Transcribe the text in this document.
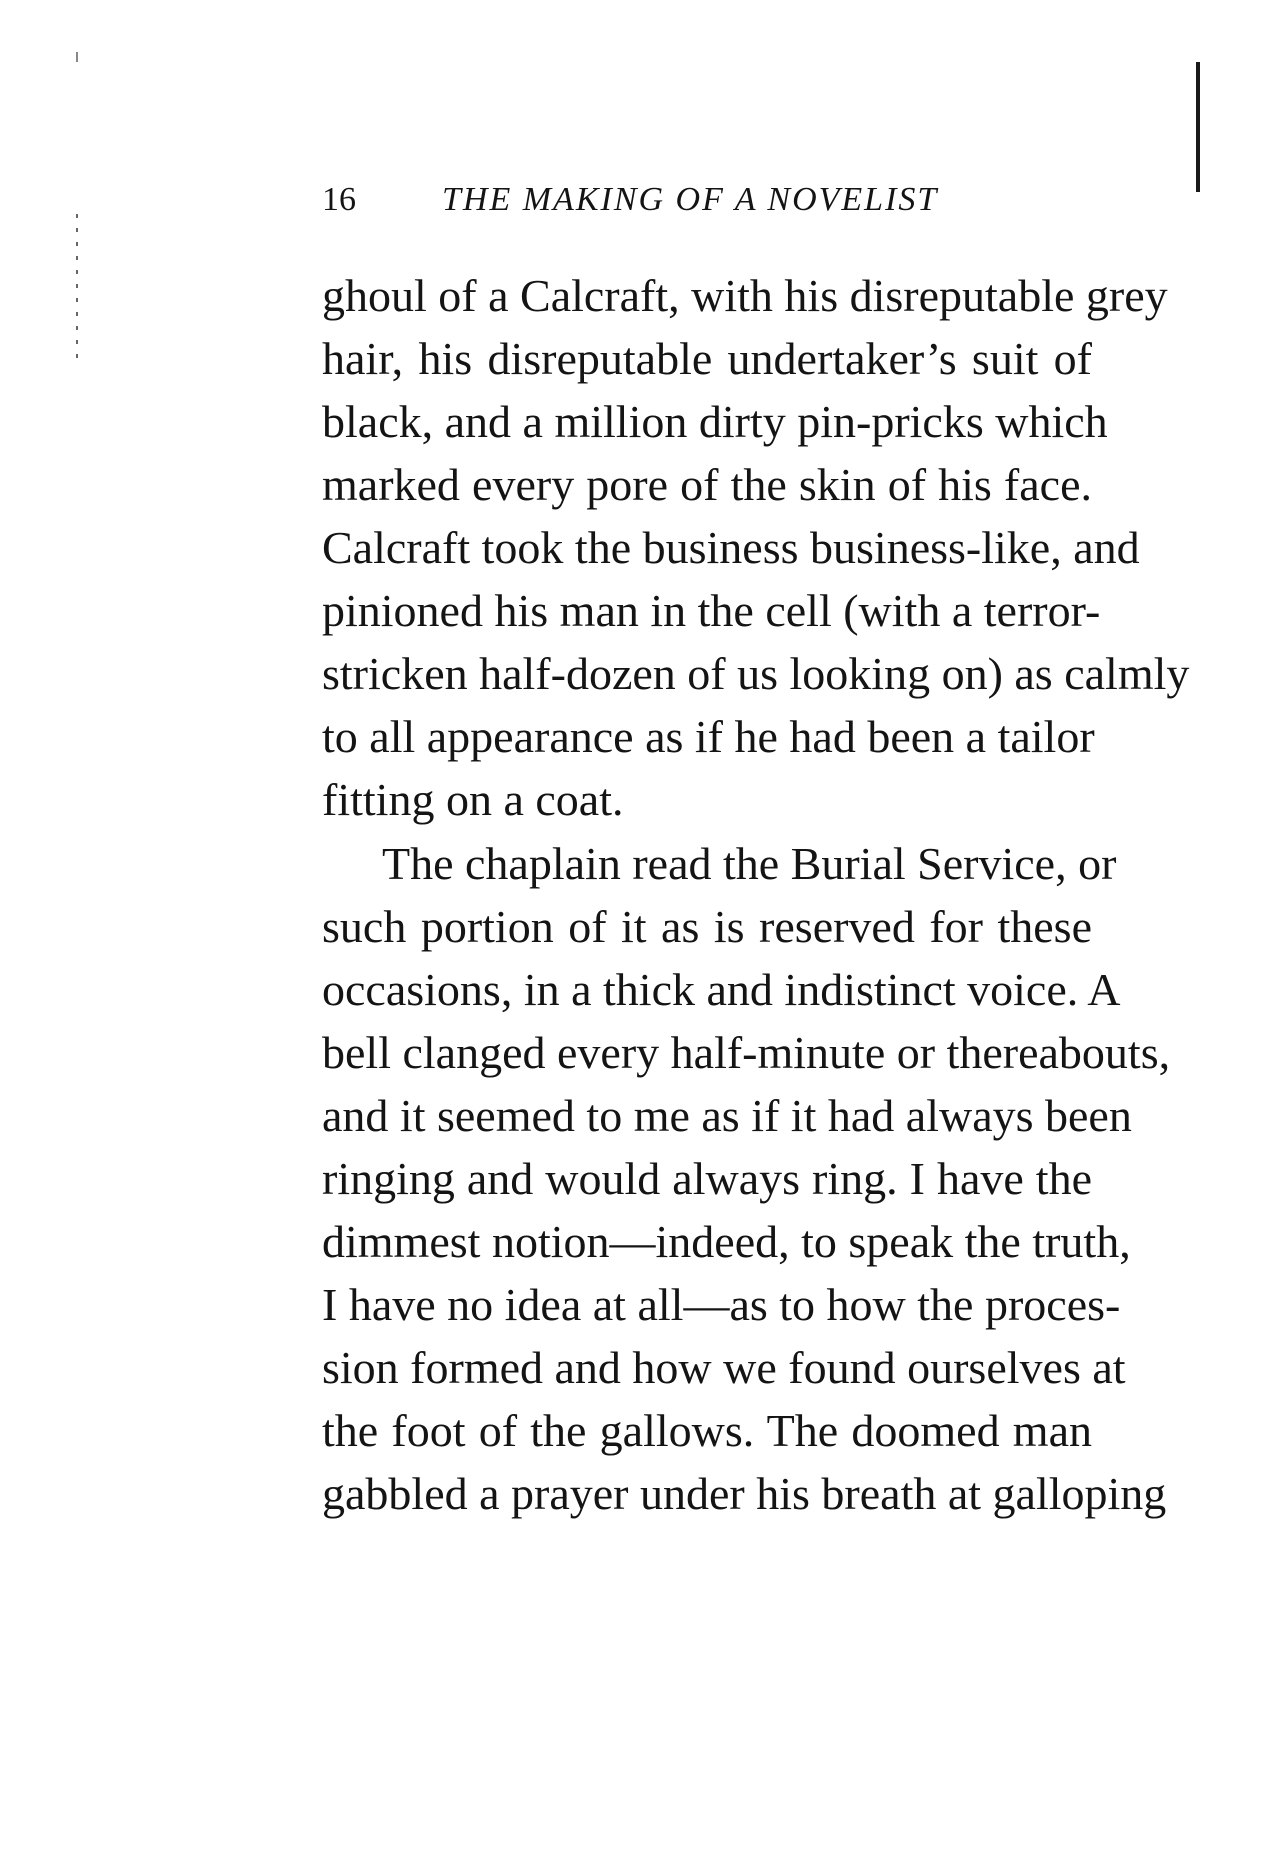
16	THE MAKING OF A NOVELIST
ghoul of a Calcraft, with his disreputable grey
hair, his disreputable undertaker’s suit of
black, and a million dirty pin-pricks which
marked every pore of the skin of his face.
Calcraft took the business business-like, and
pinioned his man in the cell (with a terror-
stricken half-dozen of us looking on) as calmly
to all appearance as if he had been a tailor
fitting on a coat.
The chaplain read the Burial Service, or
such portion of it as is reserved for these
occasions, in a thick and indistinct voice. A
bell clanged every half-minute or thereabouts,
and it seemed to me as if it had always been
ringing and would always ring. I have the
dimmest notion—indeed, to speak the truth,
I have no idea at all—as to how the proces-
sion formed and how we found ourselves at
the foot of the gallows. The doomed man
gabbled a prayer under his breath at galloping
